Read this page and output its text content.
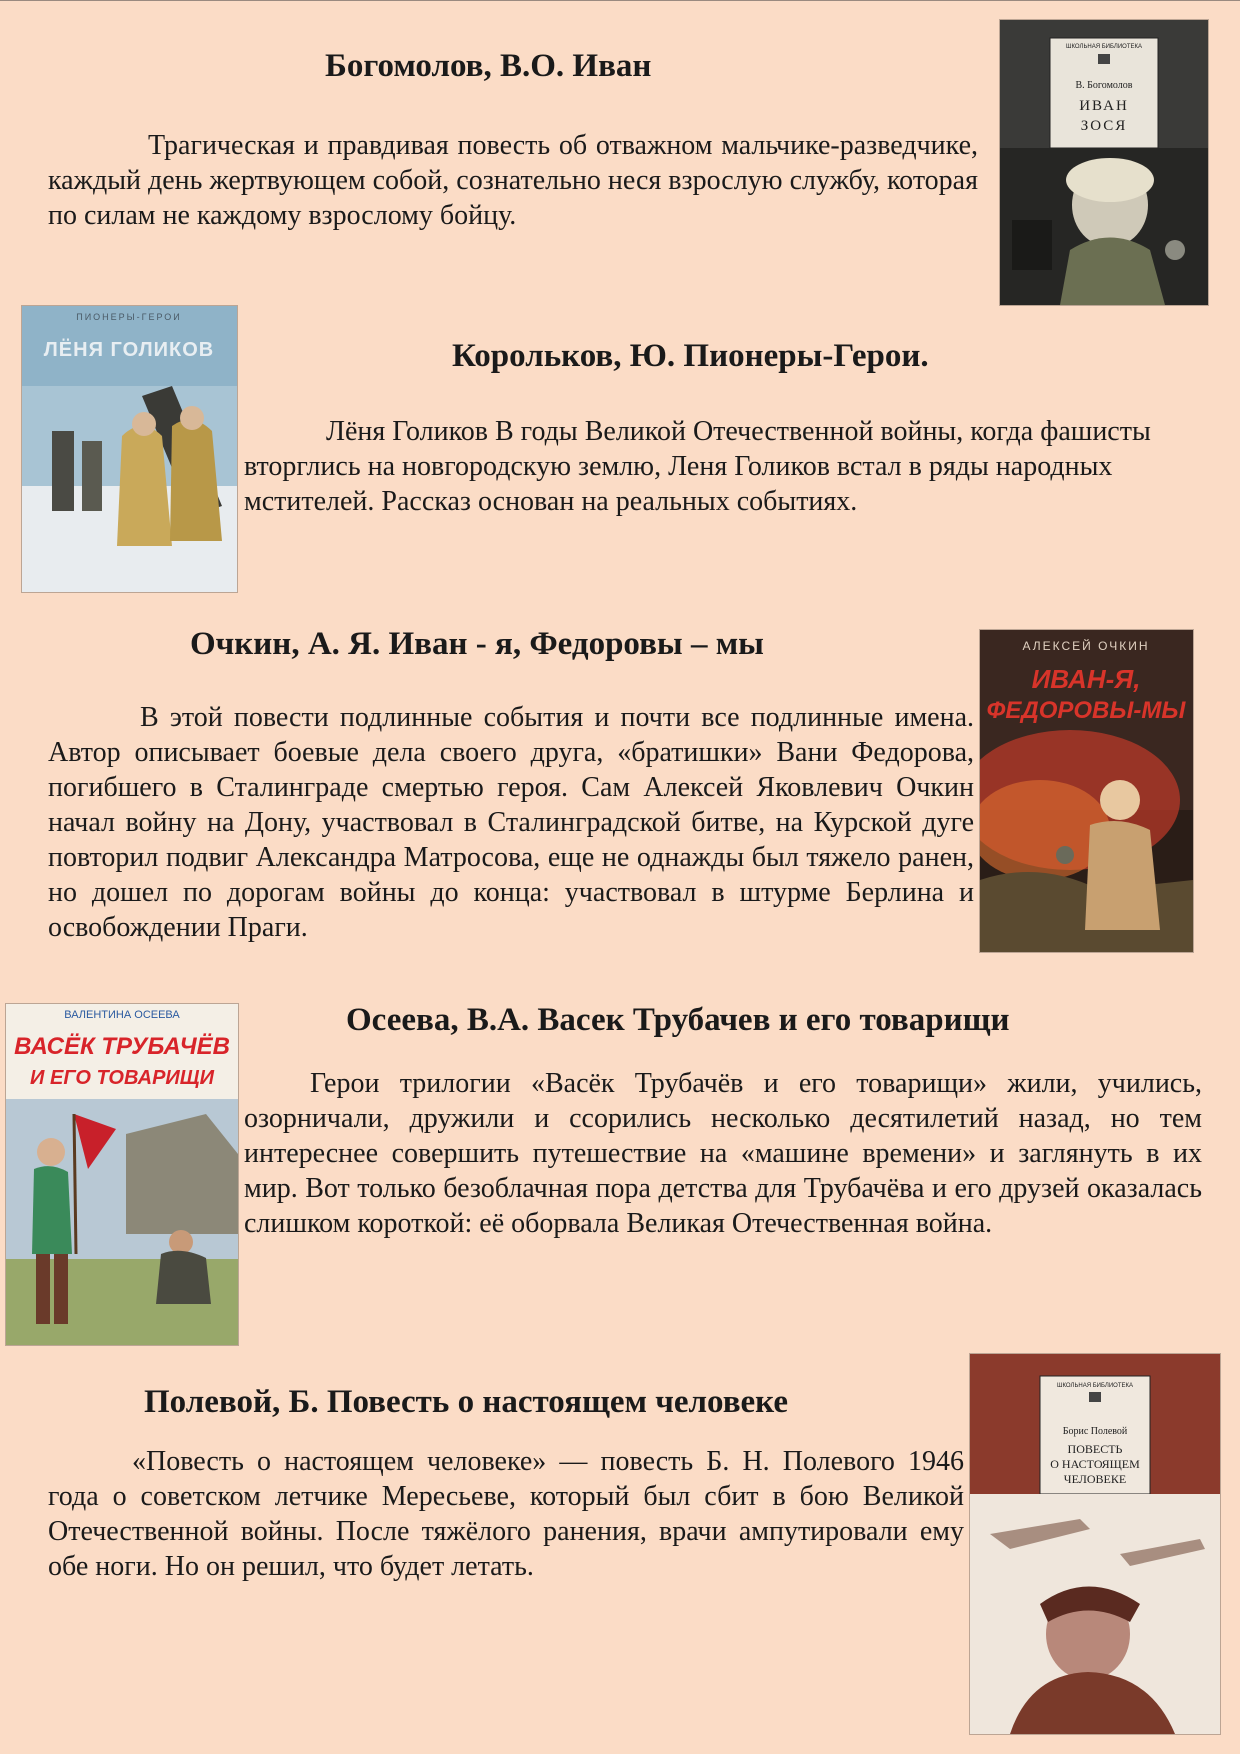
Богомолов, В.О. Иван

Трагическая и правдивая повесть об отважном мальчике-разведчике, каждый день жертвующем собой, сознательно неся взрослую службу, которая по силам не каждому взрослому бойцу.

ШКОЛЬНАЯ БИБЛИОТЕКА
В. Богомолов
ИВАН
ЗОСЯ
ПИОНЕРЫ-ГЕРОИ
ЛЁНЯ ГОЛИКОВ	Корольков, Ю. Пионеры-Герои.

Лёня Голиков В годы Великой Отечественной войны, когда фашисты вторглись на новгородскую землю, Леня Голиков встал в ряды народных мстителей. Рассказ основан на реальных событиях.

Очкин, А. Я. Иван - я, Федоровы – мы

В этой повести подлинные события и почти все подлинные имена. Автор описывает боевые дела своего друга, «братишки» Вани Федорова, погибшего в Сталинграде смертью героя. Сам Алексей Яковлевич Очкин начал войну на Дону, участвовал в Сталинградской битве, на Курской дуге повторил подвиг Александра Матросова, еще не однажды был тяжело ранен, но дошел по дорогам войны до конца: участвовал в штурме Берлина и освобождении Праги.

АЛЕКСЕЙ ОЧКИН
ИВАН-Я,
ФЕДОРОВЫ-МЫ
ВАЛЕНТИНА ОСЕЕВА
ВАСЁК ТРУБАЧЁВ
И ЕГО ТОВАРИЩИ
Осеева, В.А. Васек Трубачев и его товарищи

Герои трилогии «Васёк Трубачёв и его товарищи» жили, учились, озорничали, дружили и ссорились несколько десятилетий назад, но тем интереснее совершить путешествие на «машине времени» и заглянуть в их мир. Вот только безоблачная пора детства для Трубачёва и его друзей оказалась слишком короткой: её оборвала Великая Отечественная война.

Полевой, Б. Повесть о настоящем человеке

«Повесть о настоящем человеке» — повесть Б. Н. Полевого 1946 года о советском летчике Мересьеве, который был сбит в бою Великой Отечественной войны. После тяжёлого ранения, врачи ампутировали ему обе ноги. Но он решил, что будет летать.

ШКОЛЬНАЯ БИБЛИОТЕКА
Борис Полевой
ПОВЕСТЬ
О НАСТОЯЩЕМ
ЧЕЛОВЕКЕ
